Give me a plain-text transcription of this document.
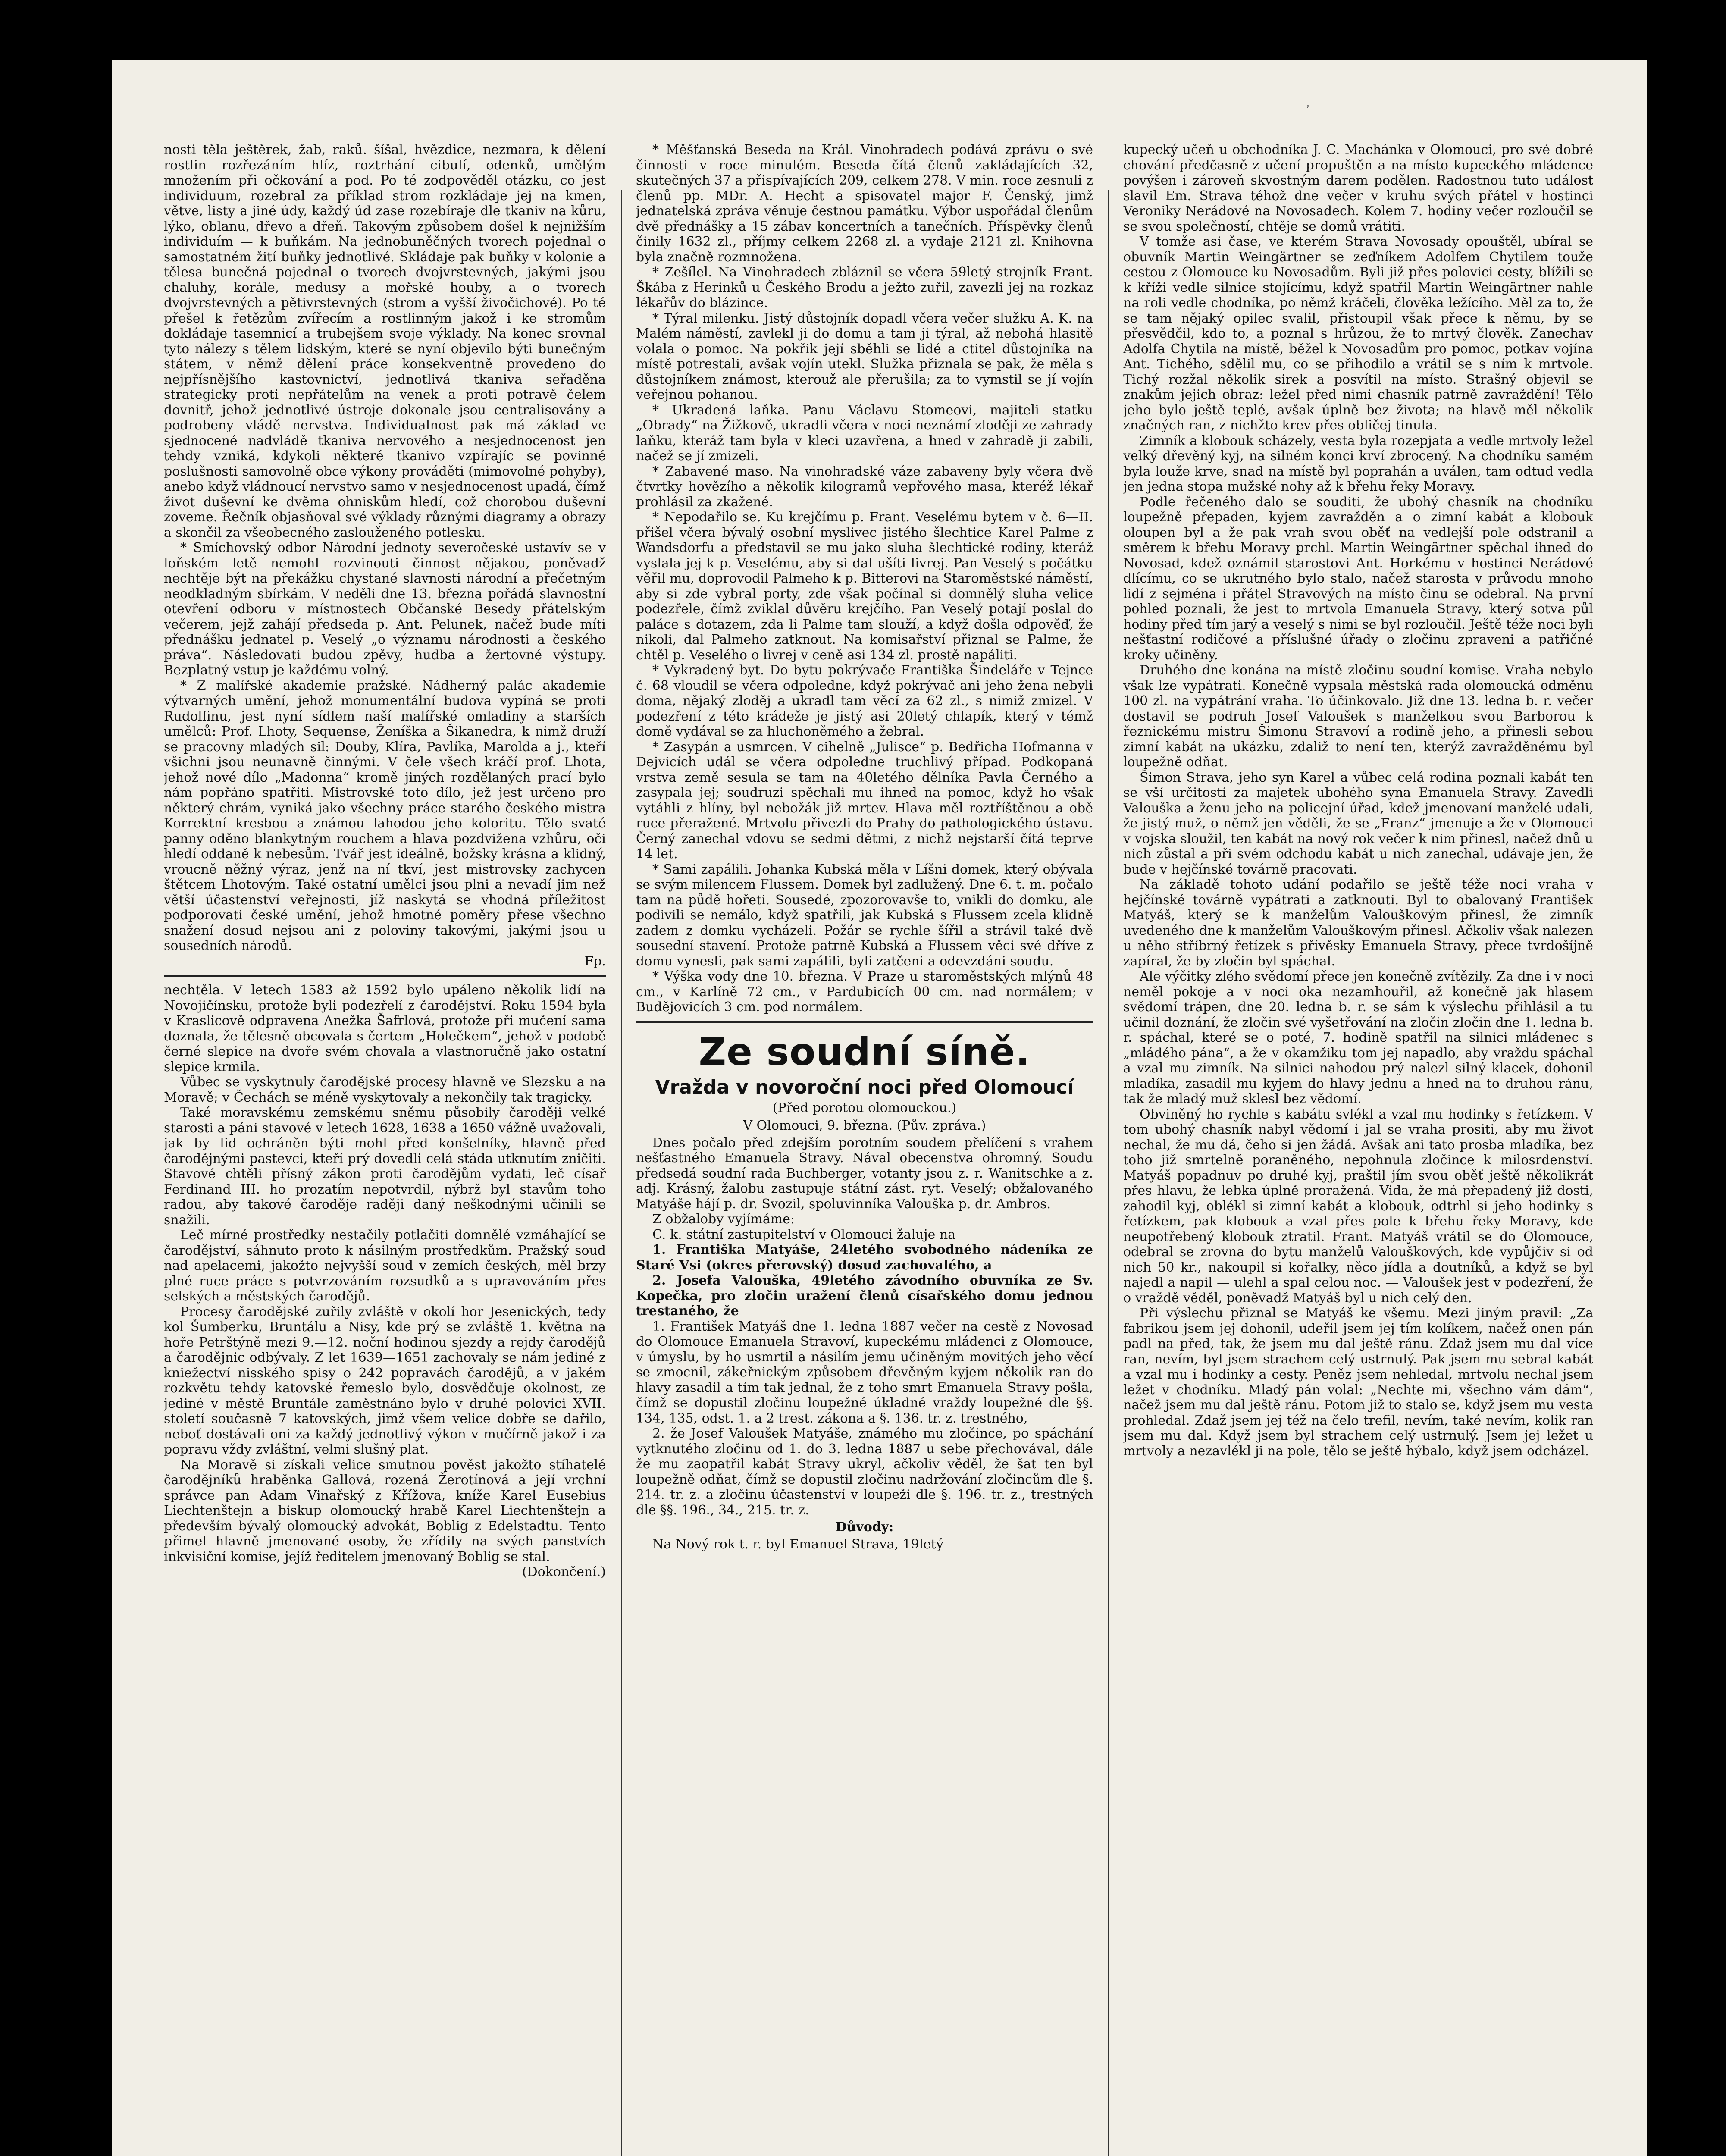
ʼ

nosti těla ještěrek, žab, raků. šíšal, hvězdice, nezmara, k dělení rostlin rozřezáním hlíz, roztrhání cibulí, odenků, umělým množením při očkování a pod. Po té zodpověděl otázku, co jest individuum, rozebral za příklad strom rozkládaje jej na kmen, větve, listy a jiné údy, každý úd zase rozebíraje dle tkaniv na kůru, lýko, oblanu, dřevo a dřeň. Takovým způsobem došel k nejnižším individuím — k buňkám. Na jednobuněčných tvorech pojednal o samostatném žití buňky jednotlivé. Skládaje pak buňky v kolonie a tělesa bunečná pojednal o tvorech dvojvrstevných, jakými jsou chaluhy, korále, medusy a mořské houby, a o tvorech dvojvrstevných a pětivrstevných (strom a vyšší živočichové). Po té přešel k řetězům zvířecím a rostlinným jakož i ke stromům dokládaje tasemnicí a trubejšem svoje výklady. Na konec srovnal tyto nálezy s tělem lidským, které se nyní objevilo býti bunečným státem, v němž dělení práce konsekventně provedeno do nejpřísnějšího kastovnictví, jednotlivá tkaniva seřaděna strategicky proti nepřátelům na venek a proti potravě čelem dovnitř, jehož jednotlivé ústroje dokonale jsou centralisovány a podrobeny vládě nervstva. Individualnost pak má základ ve sjednocené nadvládě tkaniva nervového a nesjednocenost jen tehdy vzniká, kdykoli některé tkanivo vzpírajíc se povinné poslušnosti samovolně obce výkony prováděti (mimovolné pohyby), anebo když vládnoucí nervstvo samo v nesjednocenost upadá, čímž život duševní ke dvěma ohniskům hledí, což chorobou duševní zoveme. Řečník objasňoval své výklady různými diagramy a obrazy a skončil za všeobecného zaslouženého potlesku.

* Smíchovský odbor Národní jednoty severočeské ustavív se v loňském letě nemohl rozvinouti činnost nějakou, poněvadž nechtěje být na překážku chystané slavnosti národní a přečetným neodkladným sbírkám. V neděli dne 13. března pořádá slavnostní otevření odboru v místnostech Občanské Besedy přátelským večerem, jejž zahájí předseda p. Ant. Pelunek, načež bude míti přednášku jednatel p. Veselý „o významu národnosti a českého práva“. Následovati budou zpěvy, hudba a žertovné výstupy. Bezplatný vstup je každému volný.

* Z malířské akademie pražské. Nádherný palác akademie výtvarných umění, jehož monumentální budova vypíná se proti Rudolfinu, jest nyní sídlem naší malířské omladiny a starších umělců: Prof. Lhoty, Sequense, Ženíška a Šikanedra, k nimž druží se pracovny mladých sil: Douby, Klíra, Pavlíka, Marolda a j., kteří všichni jsou neunavně činnými. V čele všech kráčí prof. Lhota, jehož nové dílo „Madonna“ kromě jiných rozdělaných prací bylo nám popřáno spatřiti. Mistrovské toto dílo, jež jest určeno pro některý chrám, vyniká jako všechny práce starého českého mistra Korrektní kresbou a známou lahodou jeho koloritu. Tělo svaté panny oděno blankytným rouchem a hlava pozdvižena vzhůru, oči hledí oddaně k nebesům. Tvář jest ideálně, božsky krásna a klidný, vroucně něžný výraz, jenž na ní tkví, jest mistrovsky zachycen štětcem Lhotovým. Také ostatní umělci jsou plni a nevadí jim než větší účastenství veřejnosti, jíž naskytá se vhodná příležitost podporovati české umění, jehož hmotné poměry přese všechno snažení dosud nejsou ani z poloviny takovými, jakými jsou u sousedních národů.

Fp.

nechtěla. V letech 1583 až 1592 bylo upáleno několik lidí na Novojičínsku, protože byli podezřelí z čarodějství. Roku 1594 byla v Kraslicově odpravena Anežka Šafrlová, protože při mučení sama doznala, že tělesně obcovala s čertem „Holečkem“, jehož v podobě černé slepice na dvoře svém chovala a vlastnoručně jako ostatní slepice krmila.

Vůbec se vyskytnuly čarodějské procesy hlavně ve Slezsku a na Moravě; v Čechách se méně vyskytovaly a nekončily tak tragicky.

Také moravskému zemskému sněmu působily čaroději velké starosti a páni stavové v letech 1628, 1638 a 1650 vážně uvažovali, jak by lid ochráněn býti mohl před konšelníky, hlavně před čarodějnými pastevci, kteří prý dovedli celá stáda utknutím zničiti. Stavové chtěli přísný zákon proti čarodějům vydati, leč císař Ferdinand III. ho prozatím nepotvrdil, nýbrž byl stavům toho radou, aby takové čaroděje raději daný neškodnými učinili se snažili.

Leč mírné prostředky nestačily potlačiti domnělé vzmáhající se čarodějství, sáhnuto proto k násilným prostředkům. Pražský soud nad apelacemi, jakožto nejvyšší soud v zemích českých, měl brzy plné ruce práce s potvrzováním rozsudků a s upravováním přes selských a městských čarodějů.

Procesy čarodějské zuřily zvláště v okolí hor Jesenických, tedy kol Šumberku, Bruntálu a Nisy, kde prý se zvláště 1. května na hoře Petrštýně mezi 9.—12. noční hodinou sjezdy a rejdy čarodějů a čarodějnic odbývaly. Z let 1639—1651 zachovaly se nám jediné z kniežectví nisského spisy o 242 popravách čarodějů, a v jakém rozkvětu tehdy katovské řemeslo bylo, dosvědčuje okolnost, ze jediné v městě Bruntále zaměstnáno bylo v druhé polovici XVII. století současně 7 katovských, jimž všem velice dobře se dařilo, neboť dostávali oni za každý jednotlivý výkon v mučírně jakož i za popravu vždy zvláštní, velmi slušný plat.

Na Moravě si získali velice smutnou pověst jakožto stíhatelé čarodějníků hraběnka Gallová, rozená Žerotínová a její vrchní správce pan Adam Vinařský z Křížova, kníže Karel Eusebius Liechtenštejn a biskup olomoucký hrabě Karel Liechtenštejn a především bývalý olomoucký advokát, Boblig z Edelstadtu. Tento přimel hlavně jmenované osoby, že zřídily na svých panstvích inkvisiční komise, jejíž ředitelem jmenovaný Boblig se stal.

(Dokončení.)

* Měšťanská Beseda na Král. Vinohradech podává zprávu o své činnosti v roce minulém. Beseda čítá členů zakládajících 32, skutečných 37 a přispívajících 209, celkem 278. V min. roce zesnuli z členů pp. MDr. A. Hecht a spisovatel major F. Čenský, jimž jednatelská zpráva věnuje čestnou památku. Výbor uspořádal členům dvě přednášky a 15 zábav koncertních a tanečních. Příspěvky členů činily 1632 zl., příjmy celkem 2268 zl. a vydaje 2121 zl. Knihovna byla značně rozmnožena.

* Zešílel. Na Vinohradech zbláznil se včera 59letý strojník Frant. Škába z Herinků u Českého Brodu a ježto zuřil, zavezli jej na rozkaz lékařův do blázince.

* Týral milenku. Jistý důstojník dopadl včera večer služku A. K. na Malém náměstí, zavlekl ji do domu a tam ji týral, až nebohá hlasitě volala o pomoc. Na pokřik její sběhli se lidé a ctitel důstojníka na místě potrestali, avšak vojín utekl. Služka přiznala se pak, že měla s důstojníkem známost, kterouž ale přerušila; za to vymstil se jí vojín veřejnou pohanou.

* Ukradená laňka. Panu Václavu Stomeovi, majiteli statku „Obrady“ na Žižkově, ukradli včera v noci neznámí zloději ze zahrady laňku, kteráž tam byla v kleci uzavřena, a hned v zahradě ji zabili, načež se jí zmizeli.

* Zabavené maso. Na vinohradské váze zabaveny byly včera dvě čtvrtky hovězího a několik kilogramů vepřového masa, kteréž lékař prohlásil za zkažené.

* Nepodařilo se. Ku krejčímu p. Frant. Veselému bytem v č. 6—II. přišel včera bývalý osobní myslivec jistého šlechtice Karel Palme z Wandsdorfu a představil se mu jako sluha šlechtické rodiny, kteráž vyslala jej k p. Veselému, aby si dal ušíti livrej. Pan Veselý s počátku věřil mu, doprovodil Palmeho k p. Bitterovi na Staroměstské náměstí, aby si zde vybral porty, zde však počínal si domnělý sluha velice podezřele, čímž zviklal důvěru krejčího. Pan Veselý potají poslal do paláce s dotazem, zda li Palme tam slouží, a když došla odpověď, že nikoli, dal Palmeho zatknout. Na komisařství přiznal se Palme, že chtěl p. Veselého o livrej v ceně asi 134 zl. prostě napáliti.

* Vykradený byt. Do bytu pokrývače Františka Šindeláře v Tejnce č. 68 vloudil se včera odpoledne, když pokrývač ani jeho žena nebyli doma, nějaký zloděj a ukradl tam věcí za 62 zl., s nimiž zmizel. V podezření z této krádeže je jistý asi 20letý chlapík, který v témž domě vydával se za hluchoněmého a žebral.

* Zasypán a usmrcen. V cihelně „Julisce“ p. Bedřicha Hofmanna v Dejvicích udál se včera odpoledne truchlivý případ. Podkopaná vrstva země sesula se tam na 40letého dělníka Pavla Černého a zasypala jej; soudruzi spěchali mu ihned na pomoc, když ho však vytáhli z hlíny, byl nebožák již mrtev. Hlava měl roztříštěnou a obě ruce přeražené. Mrtvolu přivezli do Prahy do pathologického ústavu. Černý zanechal vdovu se sedmi dětmi, z nichž nejstarší čítá teprve 14 let.

* Sami zapálili. Johanka Kubská měla v Líšni domek, který obývala se svým milencem Flussem. Domek byl zadlužený. Dne 6. t. m. počalo tam na půdě hořeti. Sousedé, zpozorovavše to, vnikli do domku, ale podivili se nemálo, když spatřili, jak Kubská s Flussem zcela klidně zadem z domku vycházeli. Požár se rychle šířil a strávil také dvě sousední stavení. Protože patrně Kubská a Flussem věci své dříve z domu vynesli, pak sami zapálili, byli zatčeni a odevzdáni soudu.

* Výška vody dne 10. března. V Praze u staroměstských mlýnů 48 cm., v Karlíně 72 cm., v Pardubicích 00 cm. nad normálem; v Budějovicích 3 cm. pod normálem.

Ze soudní síně.
Vražda v novoroční noci před Olomoucí
(Před porotou olomouckou.)
V Olomouci, 9. března. (Pův. zpráva.)

Dnes počalo před zdejším porotním soudem přelíčení s vrahem nešťastného Emanuela Stravy. Nával obecenstva ohromný. Soudu předsedá soudní rada Buchberger, votanty jsou z. r. Wanitschke a z. adj. Krásný, žalobu zastupuje státní zást. ryt. Veselý; obžalovaného Matyáše hájí p. dr. Svozil, spoluvinníka Valouška p. dr. Ambros.

Z obžaloby vyjímáme:

C. k. státní zastupitelství v Olomouci žaluje na

1. Františka Matyáše, 24letého svobodného nádeníka ze Staré Vsi (okres přerovský) dosud zachovalého, a

2. Josefa Valouška, 49letého závodního obuvníka ze Sv. Kopečka, pro zločin uražení členů císařského domu jednou trestaného, že

1. František Matyáš dne 1. ledna 1887 večer na cestě z Novosad do Olomouce Emanuela Stravoví, kupeckému mládenci z Olomouce, v úmyslu, by ho usmrtil a násilím jemu učiněným movitých jeho věcí se zmocnil, zákeřnickým způsobem dřevěným kyjem několik ran do hlavy zasadil a tím tak jednal, že z toho smrt Emanuela Stravy pošla, čímž se dopustil zločinu loupežné úkladné vraždy loupežné dle §§. 134, 135, odst. 1. a 2 trest. zákona a §. 136. tr. z. trestného,

2. že Josef Valoušek Matyáše, známého mu zločince, po spáchání vytknutého zločinu od 1. do 3. ledna 1887 u sebe přechovával, dále že mu zaopatřil kabát Stravy ukryl, ačkoliv věděl, že šat ten byl loupežně odňat, čímž se dopustil zločinu nadržování zločincům dle §. 214. tr. z. a zločinu účastenství v loupeži dle §. 196. tr. z., trestných dle §§. 196., 34., 215. tr. z.

Důvody:

Na Nový rok t. r. byl Emanuel Strava, 19letý

kupecký učeň u obchodníka J. C. Machánka v Olomouci, pro své dobré chování předčasně z učení propuštěn a na místo kupeckého mládence povýšen i zároveň skvostným darem podělen. Radostnou tuto událost slavil Em. Strava téhož dne večer v kruhu svých přátel v hostinci Veroniky Nerádové na Novosadech. Kolem 7. hodiny večer rozloučil se se svou společností, chtěje se domů vrátiti.

V tomže asi čase, ve kterém Strava Novosady opouštěl, ubíral se obuvník Martin Weingärtner se zeďníkem Adolfem Chytilem touže cestou z Olomouce ku Novosadům. Byli již přes polovici cesty, blížili se k kříži vedle silnice stojícímu, když spatřil Martin Weingärtner nahle na roli vedle chodníka, po němž kráčeli, člověka ležícího. Měl za to, že se tam nějaký opilec svalil, přistoupil však přece k němu, by se přesvědčil, kdo to, a poznal s hrůzou, že to mrtvý člověk. Zanechav Adolfa Chytila na místě, běžel k Novosadům pro pomoc, potkav vojína Ant. Tichého, sdělil mu, co se přihodilo a vrátil se s ním k mrtvole. Tichý rozžal několik sirek a posvítil na místo. Strašný objevil se znakům jejich obraz: ležel před nimi chasník patrně zavraždění! Tělo jeho bylo ještě teplé, avšak úplně bez života; na hlavě měl několik značných ran, z nichžto krev přes obličej tinula.

Zimník a klobouk scházely, vesta byla rozepjata a vedle mrtvoly ležel velký dřevěný kyj, na silném konci krví zbrocený. Na chodníku samém byla louže krve, snad na místě byl poprahán a uválen, tam odtud vedla jen jedna stopa mužské nohy až k břehu řeky Moravy.

Podle řečeného dalo se souditi, že ubohý chasník na chodníku loupežně přepaden, kyjem zavražděn a o zimní kabát a klobouk oloupen byl a že pak vrah svou oběť na vedlejší pole odstranil a směrem k břehu Moravy prchl. Martin Weingärtner spěchal ihned do Novosad, kdež oznámil starostovi Ant. Horkému v hostinci Nerádové dlícímu, co se ukrutného bylo stalo, načež starosta v průvodu mnoho lidí z sejména i přátel Stravových na místo činu se odebral. Na první pohled poznali, že jest to mrtvola Emanuela Stravy, který sotva půl hodiny před tím jarý a veselý s nimi se byl rozloučil. Ještě téže noci byli nešťastní rodičové a příslušné úřady o zločinu zpraveni a patřičné kroky učiněny.

Druhého dne konána na místě zločinu soudní komise. Vraha nebylo však lze vypátrati. Konečně vypsala městská rada olomoucká odměnu 100 zl. na vypátrání vraha. To účinkovalo. Již dne 13. ledna b. r. večer dostavil se podruh Josef Valoušek s manželkou svou Barborou k řeznickému mistru Šimonu Stravoví a rodině jeho, a přinesli sebou zimní kabát na ukázku, zdaliž to není ten, kterýž zavražděnému byl loupežně odňat.

Šimon Strava, jeho syn Karel a vůbec celá rodina poznali kabát ten se vší určitostí za majetek ubohého syna Emanuela Stravy. Zavedli Valouška a ženu jeho na policejní úřad, kdež jmenovaní manželé udali, že jistý muž, o němž jen věděli, že se „Franz“ jmenuje a že v Olomouci v vojska sloužil, ten kabát na nový rok večer k nim přinesl, načež dnů u nich zůstal a při svém odchodu kabát u nich zanechal, udávaje jen, že bude v hejčínské továrně pracovati.

Na základě tohoto udání podařilo se ještě téže noci vraha v hejčínské továrně vypátrati a zatknouti. Byl to obalovaný František Matyáš, který se k manželům Valouškovým přinesl, že zimník uvedeného dne k manželům Valouškovým přinesl. Ačkoliv však nalezen u něho stříbrný řetízek s přívěsky Emanuela Stravy, přece tvrdošíjně zapíral, že by zločin byl spáchal.

Ale výčitky zlého svědomí přece jen konečně zvítězily. Za dne i v noci neměl pokoje a v noci oka nezamhouřil, až konečně jak hlasem svědomí trápen, dne 20. ledna b. r. se sám k výslechu přihlásil a tu učinil doznání, že zločin své vyšetřování na zločin zločin dne 1. ledna b. r. spáchal, které se o poté, 7. hodině spatřil na silnici mládenec s „mládého pána“, a že v okamžiku tom jej napadlo, aby vraždu spáchal a vzal mu zimník. Na silnici nahodou prý nalezl silný klacek, dohonil mladíka, zasadil mu kyjem do hlavy jednu a hned na to druhou ránu, tak že mladý muž sklesl bez vědomí.

Obviněný ho rychle s kabátu svlékl a vzal mu hodinky s řetízkem. V tom ubohý chasník nabyl vědomí i jal se vraha prositi, aby mu život nechal, že mu dá, čeho si jen žádá. Avšak ani tato prosba mladíka, bez toho již smrtelně poraněného, nepohnula zločince k milosrdenství. Matyáš popadnuv po druhé kyj, praštil jím svou oběť ještě několikrát přes hlavu, že lebka úplně proražená. Vida, že má přepadený již dosti, zahodil kyj, oblékl si zimní kabát a klobouk, odtrhl si jeho hodinky s řetízkem, pak klobouk a vzal přes pole k břehu řeky Moravy, kde neupotřebený klobouk ztratil. Frant. Matyáš vrátil se do Olomouce, odebral se zrovna do bytu manželů Valouškových, kde vypůjčiv si od nich 50 kr., nakoupil si kořalky, něco jídla a doutníků, a když se byl najedl a napil — ulehl a spal celou noc. — Valoušek jest v podezření, že o vraždě věděl, poněvadž Matyáš byl u nich celý den.

Při výslechu přiznal se Matyáš ke všemu. Mezi jiným pravil: „Za fabrikou jsem jej dohonil, udeřil jsem jej tím kolíkem, načež onen pán padl na před, tak, že jsem mu dal ještě ránu. Zdaž jsem mu dal více ran, nevím, byl jsem strachem celý ustrnulý. Pak jsem mu sebral kabát a vzal mu i hodinky a cesty. Peněz jsem nehledal, mrtvolu nechal jsem ležet v chodníku. Mladý pán volal: „Nechte mi, všechno vám dám“, načež jsem mu dal ještě ránu. Potom již to stalo se, když jsem mu vesta prohledal. Zdaž jsem jej též na čelo trefil, nevím, také nevím, kolik ran jsem mu dal. Když jsem byl strachem celý ustrnulý. Jsem jej ležet u mrtvoly a nezavlékl ji na pole, tělo se ještě hýbalo, když jsem odcházel.
